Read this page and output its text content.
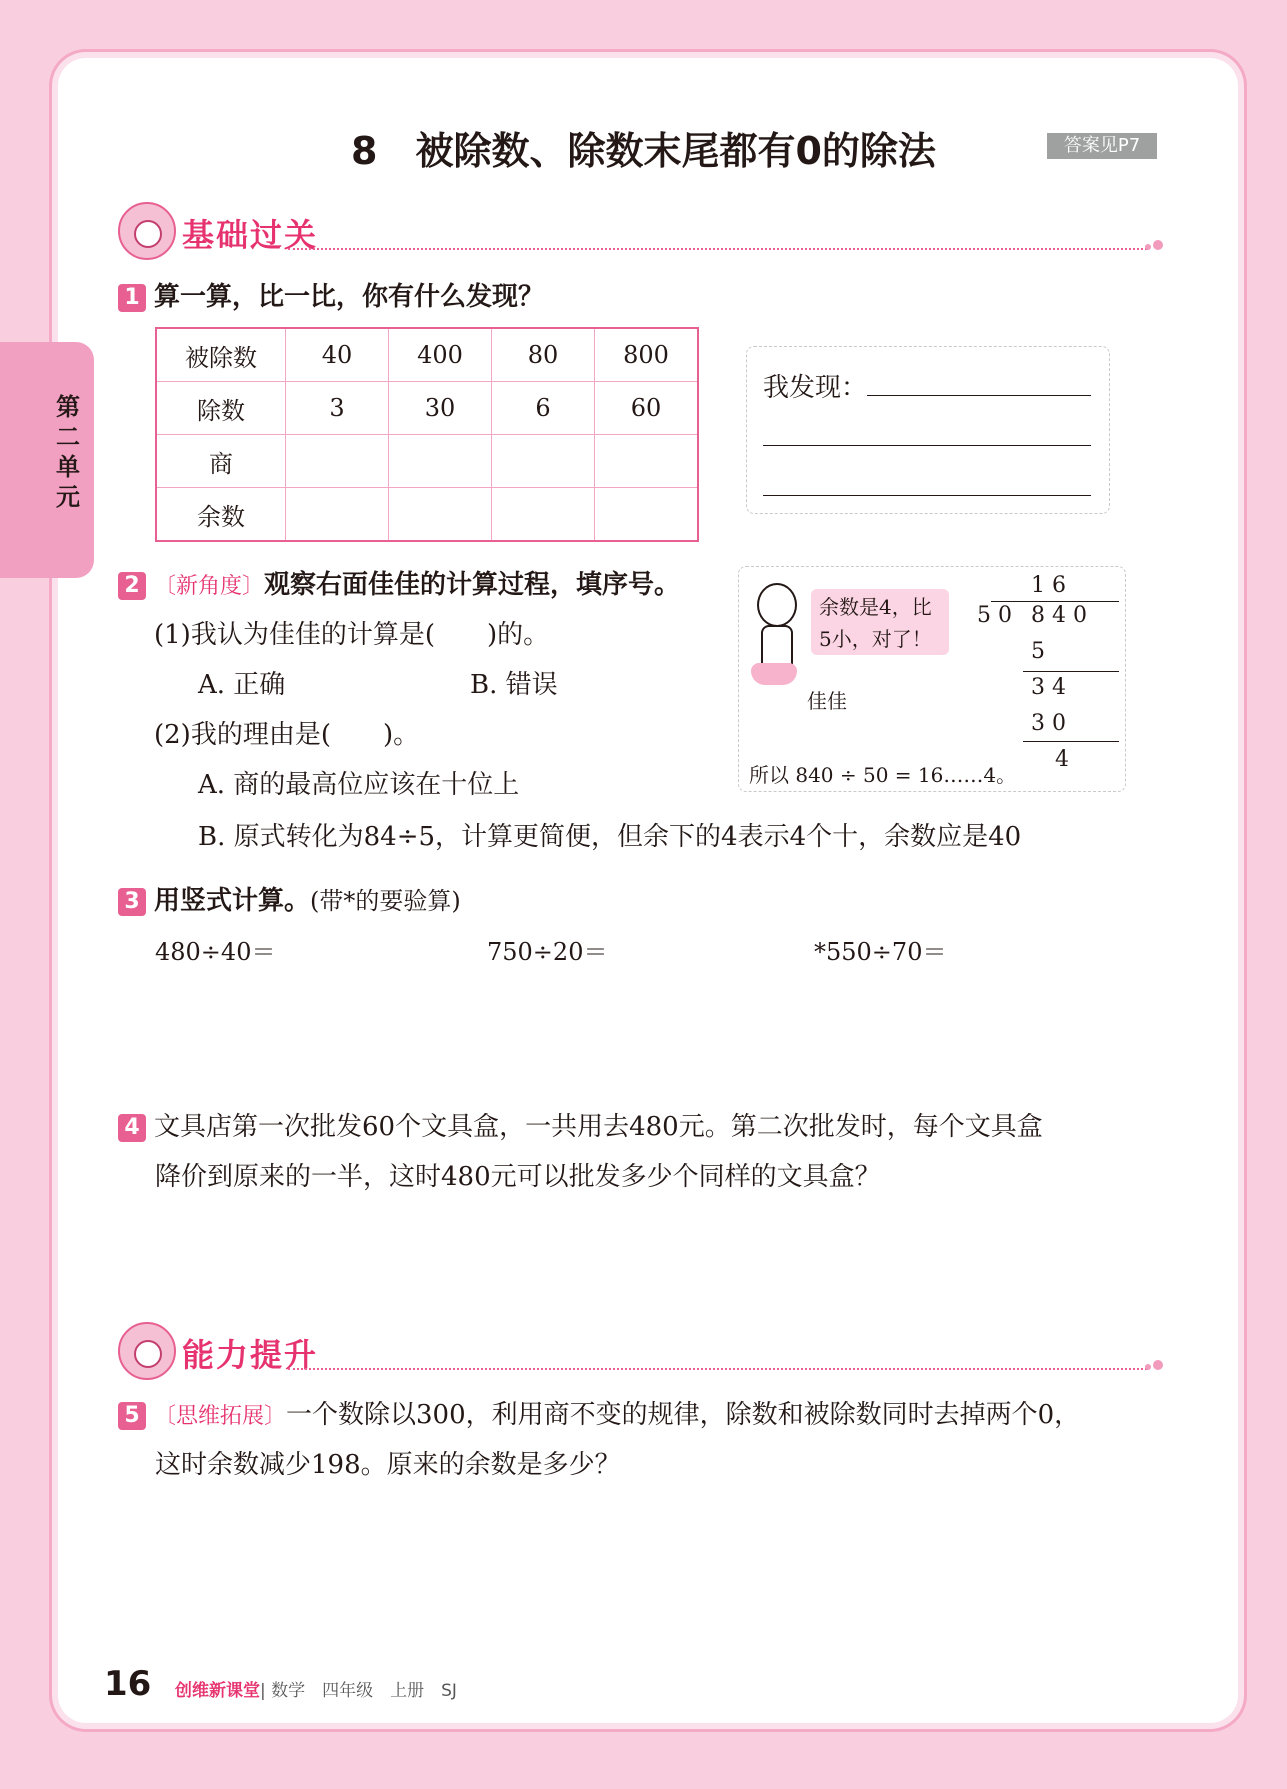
第二单元
8　被除数、除数末尾都有0的除法	答案见P7
基础过关
1 算一算，比一比，你有什么发现？
被除数	40	400	80	800
除数	3	30	6	60
商				
余数				
我发现：
2 〔新角度〕观察右面佳佳的计算过程，填序号。
(1)我认为佳佳的计算是(　　)的。
A. 正确	B. 错误
(2)我的理由是(　　)。
A. 商的最高位应该在十位上
B. 原式转化为84÷5，计算更简便，但余下的4表示4个十，余数应是40
余数是4，比5小，对了！
佳佳
1 6
5 0 8 4 0
5
3 4
3 0
4
所以 840 ÷ 50 = 16……4。
3 用竖式计算。(带*的要验算)
480÷40＝	750÷20＝	*550÷70＝
4 文具店第一次批发60个文具盒，一共用去480元。第二次批发时，每个文具盒
降价到原来的一半，这时480元可以批发多少个同样的文具盒？
能力提升
5 〔思维拓展〕一个数除以300，利用商不变的规律，除数和被除数同时去掉两个0，
这时余数减少198。原来的余数是多少？
16 创维新课堂| 数学　四年级　上册　SJ
